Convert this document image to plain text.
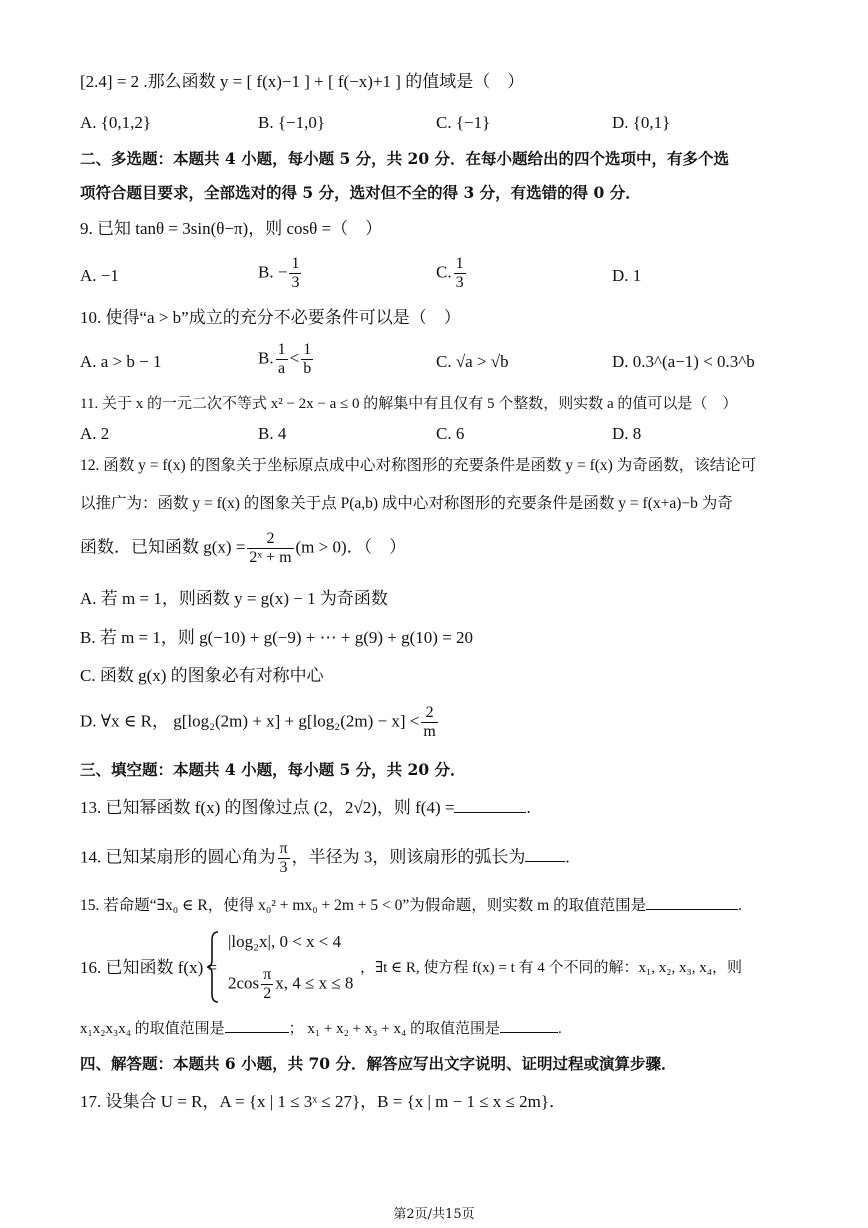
[2.4] = 2 .那么函数 y = [ f(x)−1 ] + [ f(−x)+1 ] 的值域是（　）
A. {0,1,2}	B. {−1,0}	C. {−1}	D. {0,1}
二、多选题：本题共 4 小题，每小题 5 分，共 20 分．在每小题给出的四个选项中，有多个选
项符合题目要求，全部选对的得 5 分，选对但不全的得 3 分，有选错的得 0 分．
9. 已知 tanθ = 3sin(θ−π)，则 cosθ =（　）
A. −1	B. − $\frac{1}{3}$	C. $\frac{1}{3}$	D. 1
10. 使得“a > b”成立的充分不必要条件可以是（　）
A. a > b − 1	B. $\frac{1}{a} < \frac{1}{b}$	C. √a > √b	D. 0.3^(a−1) < 0.3^b
11. 关于 x 的一元二次不等式 x² − 2x − a ≤ 0 的解集中有且仅有 5 个整数，则实数 a 的值可以是（　）
A. 2	B. 4	C. 6	D. 8
12. 函数 y = f(x) 的图象关于坐标原点成中心对称图形的充要条件是函数 y = f(x) 为奇函数，该结论可
以推广为：函数 y = f(x) 的图象关于点 P(a,b) 成中心对称图形的充要条件是函数 y = f(x+a)−b 为奇
函数．已知函数 $g(x) = \frac{2}{\text{2ˣ + m}} (m > 0)$．（　）
A. 若 m = 1，则函数 y = g(x) − 1 为奇函数
B. 若 m = 1，则 g(−10) + g(−9) + ⋯ + g(9) + g(10) = 20
C. 函数 g(x) 的图象必有对称中心
D. ∀x ∈ R， $g[\log_2(2m) + x] + g[\log_2(2m) - x] < \frac{2}{m}$
三、填空题：本题共 4 小题，每小题 5 分，共 20 分．
13. 已知幂函数 f(x) 的图像过点 (2，2√2)，则 f(4) =	.
14. 已知某扇形的圆心角为 $\frac{\pi}{3}$ ，半径为 3，则该扇形的弧长为 .
15. 若命题“∃x₀ ∈ R，使得 x₀² + mx₀ + 2m + 5 < 0”为假命题，则实数 m 的取值范围是	.
16. 已知函数 f(x) =
|log₂x|, 0 < x < 4
$2\cos \frac{\pi}{2} x$, 4 ≤ x ≤ 8
，∃t ∈ R, 使方程 f(x) = t 有 4 个不同的解：x₁, x₂, x₃, x₄，则
x₁x₂x₃x₄ 的取值范围是	； x₁ + x₂ + x₃ + x₄ 的取值范围是	.
四、解答题：本题共 6 小题，共 70 分．解答应写出文字说明、证明过程或演算步骤．
17. 设集合 U = R，A = {x | 1 ≤ 3ˣ ≤ 27}，B = {x | m − 1 ≤ x ≤ 2m}．
第2页/共15页
